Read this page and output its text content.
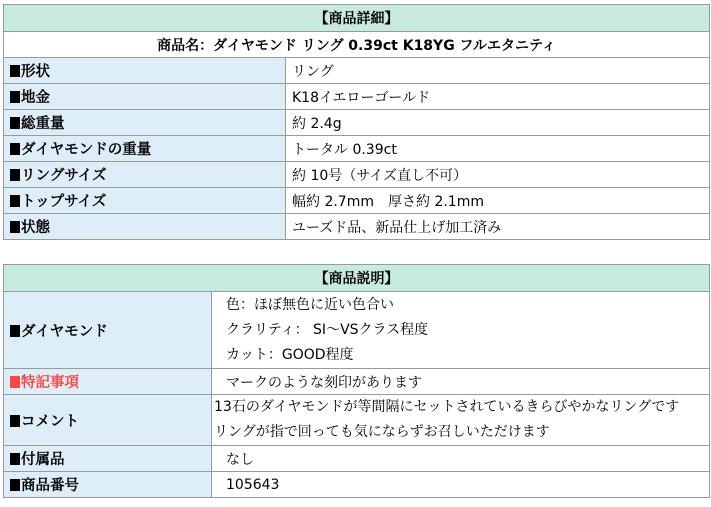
【商品詳細】	
商品名：ダイヤモンド リング 0.39ct K18YG フルエタニティ	
形状	リング
地金	K18イエローゴールド
総重量	約 2.4g
ダイヤモンドの重量	トータル 0.39ct
リングサイズ	約 10号（サイズ直し不可）
トップサイズ	幅約 2.7mm　厚さ約 2.1mm
状態	ユーズド品、新品仕上げ加工済み
【商品説明】	
ダイヤモンド	色：ほぼ無色に近い色合い
クラリティ： SI～VSクラス程度
カット：GOOD程度

特記事項	マークのような刻印があります
コメント	13石のダイヤモンドが等間隔にセットされているきらびやかなリングです
リングが指で回っても気にならずお召しいただけます

付属品	なし
商品番号	105643
